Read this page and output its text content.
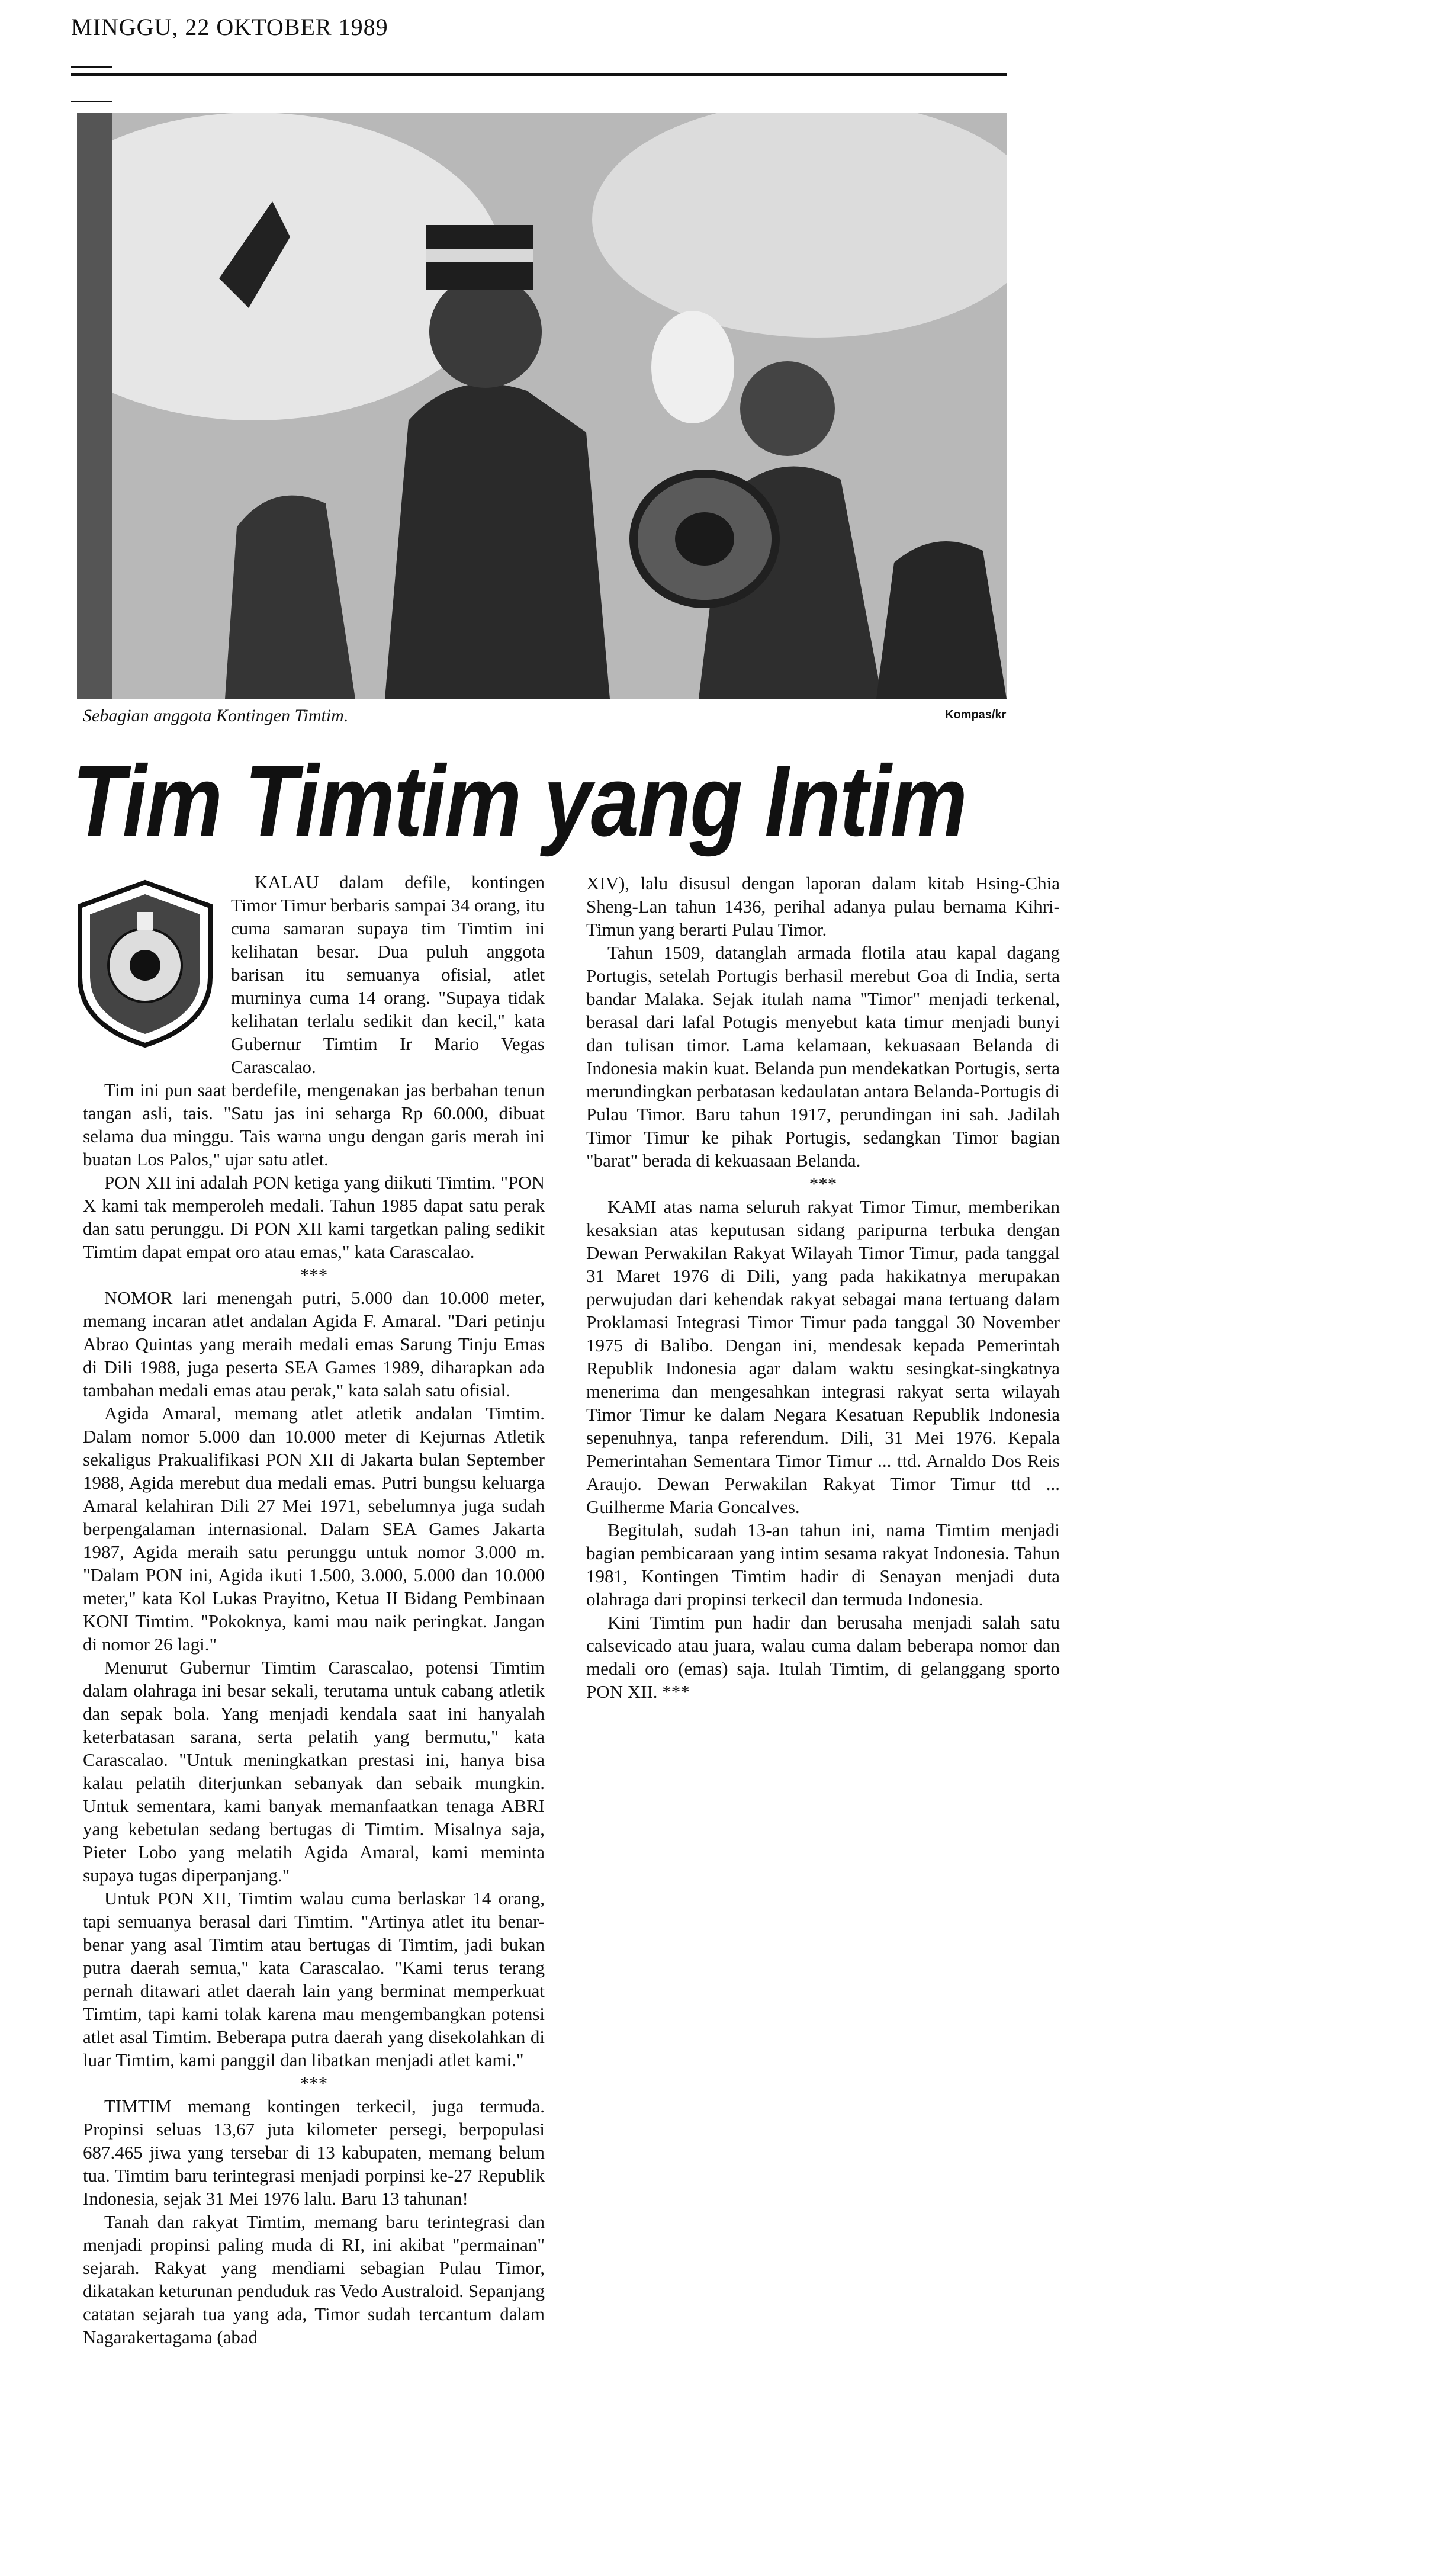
MINGGU, 22 OKTOBER 1989
Sebagian anggota Kontingen Timtim.	Kompas/kr
Tim Timtim yang Intim

KALAU dalam defile, kontingen Timor Timur berbaris sampai 34 orang, itu cuma samaran supaya tim Timtim ini kelihatan besar. Dua puluh anggota barisan itu semuanya ofisial, atlet murninya cuma 14 orang. "Supaya tidak kelihatan terlalu sedikit dan kecil," kata Gubernur Timtim Ir Mario Vegas Carascalao.

Tim ini pun saat berdefile, mengenakan jas berbahan tenun tangan asli, tais. "Satu jas ini seharga Rp 60.000, dibuat selama dua minggu. Tais warna ungu dengan garis merah ini buatan Los Palos," ujar satu atlet.

PON XII ini adalah PON ketiga yang diikuti Timtim. "PON X kami tak memperoleh medali. Tahun 1985 dapat satu perak dan satu perunggu. Di PON XII kami targetkan paling sedikit Timtim dapat empat oro atau emas," kata Carascalao.

***

NOMOR lari menengah putri, 5.000 dan 10.000 meter, memang incaran atlet andalan Agida F. Amaral. "Dari petinju Abrao Quintas yang meraih medali emas Sarung Tinju Emas di Dili 1988, juga peserta SEA Games 1989, diharapkan ada tambahan medali emas atau perak," kata salah satu ofisial.

Agida Amaral, memang atlet atletik andalan Timtim. Dalam nomor 5.000 dan 10.000 meter di Kejurnas Atletik sekaligus Prakualifikasi PON XII di Jakarta bulan September 1988, Agida merebut dua medali emas. Putri bungsu keluarga Amaral kelahiran Dili 27 Mei 1971, sebelumnya juga sudah berpengalaman internasional. Dalam SEA Games Jakarta 1987, Agida meraih satu perunggu untuk nomor 3.000 m. "Dalam PON ini, Agida ikuti 1.500, 3.000, 5.000 dan 10.000 meter," kata Kol Lukas Prayitno, Ketua II Bidang Pembinaan KONI Timtim. "Pokoknya, kami mau naik peringkat. Jangan di nomor 26 lagi."

Menurut Gubernur Timtim Carascalao, potensi Timtim dalam olahraga ini besar sekali, terutama untuk cabang atletik dan sepak bola. Yang menjadi kendala saat ini hanyalah keterbatasan sarana, serta pelatih yang bermutu," kata Carascalao. "Untuk meningkatkan prestasi ini, hanya bisa kalau pelatih diterjunkan sebanyak dan sebaik mungkin. Untuk sementara, kami banyak memanfaatkan tenaga ABRI yang kebetulan sedang bertugas di Timtim. Misalnya saja, Pieter Lobo yang melatih Agida Amaral, kami meminta supaya tugas diperpanjang."

Untuk PON XII, Timtim walau cuma berlaskar 14 orang, tapi semuanya berasal dari Timtim. "Artinya atlet itu benar-benar yang asal Timtim atau bertugas di Timtim, jadi bukan putra daerah semua," kata Carascalao. "Kami terus terang pernah ditawari atlet daerah lain yang berminat memperkuat Timtim, tapi kami tolak karena mau mengembangkan potensi atlet asal Timtim. Beberapa putra daerah yang disekolahkan di luar Timtim, kami panggil dan libatkan menjadi atlet kami."

***

TIMTIM memang kontingen terkecil, juga termuda. Propinsi seluas 13,67 juta kilometer persegi, berpopulasi 687.465 jiwa yang tersebar di 13 kabupaten, memang belum tua. Timtim baru terintegrasi menjadi porpinsi ke-27 Republik Indonesia, sejak 31 Mei 1976 lalu. Baru 13 tahunan!

Tanah dan rakyat Timtim, memang baru terintegrasi dan menjadi propinsi paling muda di RI, ini akibat "permainan" sejarah. Rakyat yang mendiami sebagian Pulau Timor, dikatakan keturunan penduduk ras Vedo Australoid. Sepanjang catatan sejarah tua yang ada, Timor sudah tercantum dalam Nagarakertagama (abad

XIV), lalu disusul dengan laporan dalam kitab Hsing-Chia Sheng-Lan tahun 1436, perihal adanya pulau bernama Kihri-Timun yang berarti Pulau Timor.

Tahun 1509, datanglah armada flotila atau kapal dagang Portugis, setelah Portugis berhasil merebut Goa di India, serta bandar Malaka. Sejak itulah nama "Timor" menjadi terkenal, berasal dari lafal Potugis menyebut kata timur menjadi bunyi dan tulisan timor. Lama kelamaan, kekuasaan Belanda di Indonesia makin kuat. Belanda pun mendekatkan Portugis, serta merundingkan perbatasan kedaulatan antara Belanda-Portugis di Pulau Timor. Baru tahun 1917, perundingan ini sah. Jadilah Timor Timur ke pihak Portugis, sedangkan Timor bagian "barat" berada di kekuasaan Belanda.

***

KAMI atas nama seluruh rakyat Timor Timur, memberikan kesaksian atas keputusan sidang paripurna terbuka dengan Dewan Perwakilan Rakyat Wilayah Timor Timur, pada tanggal 31 Maret 1976 di Dili, yang pada hakikatnya merupakan perwujudan dari kehendak rakyat sebagai mana tertuang dalam Proklamasi Integrasi Timor Timur pada tanggal 30 November 1975 di Balibo. Dengan ini, mendesak kepada Pemerintah Republik Indonesia agar dalam waktu sesingkat-singkatnya menerima dan mengesahkan integrasi rakyat serta wilayah Timor Timur ke dalam Negara Kesatuan Republik Indonesia sepenuhnya, tanpa referendum. Dili, 31 Mei 1976. Kepala Pemerintahan Sementara Timor Timur ... ttd. Arnaldo Dos Reis Araujo. Dewan Perwakilan Rakyat Timor Timur ttd ... Guilherme Maria Goncalves.

Begitulah, sudah 13-an tahun ini, nama Timtim menjadi bagian pembicaraan yang intim sesama rakyat Indonesia. Tahun 1981, Kontingen Timtim hadir di Senayan menjadi duta olahraga dari propinsi terkecil dan termuda Indonesia.

Kini Timtim pun hadir dan berusaha menjadi salah satu calsevicado atau juara, walau cuma dalam beberapa nomor dan medali oro (emas) saja. Itulah Timtim, di gelanggang sporto PON XII. ***
